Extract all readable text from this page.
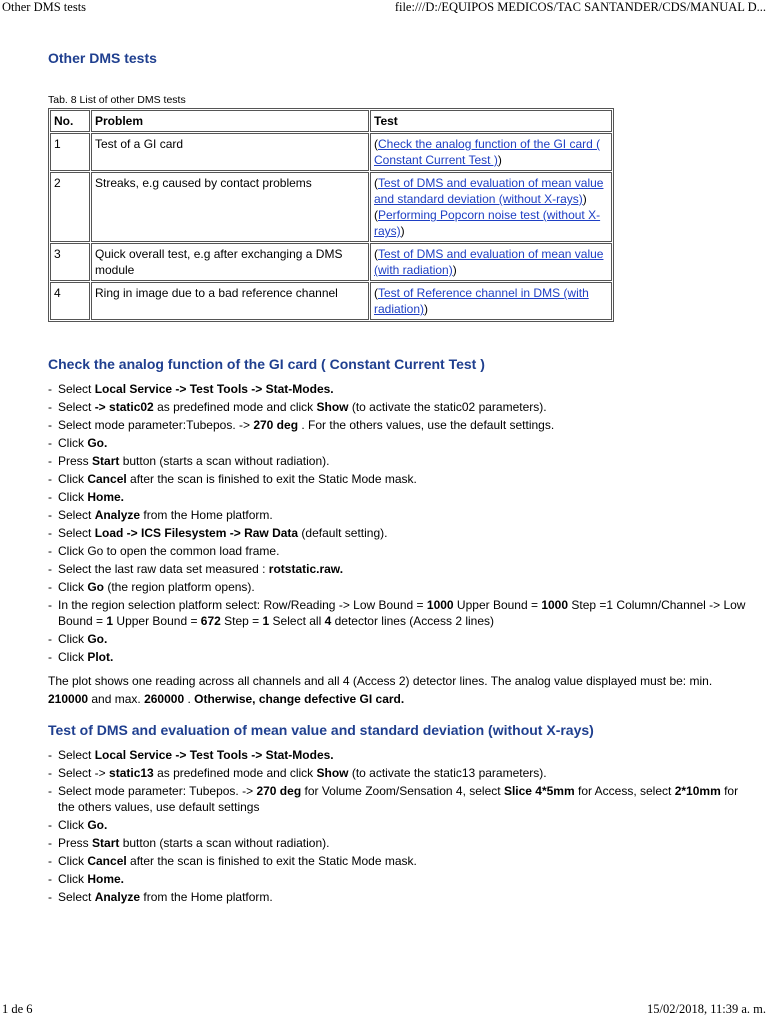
Other DMS tests	file:///D:/EQUIPOS MEDICOS/TAC SANTANDER/CDS/MANUAL D...
Other DMS tests
Tab. 8 List of other DMS tests
No.	Problem	Test
1	Test of a GI card	(Check the analog function of the GI card ( Constant Current Test ))
2	Streaks, e.g caused by contact problems	(Test of DMS and evaluation of mean value and standard deviation (without X-rays))
(Performing Popcorn noise test (without X-rays))
3	Quick overall test, e.g after exchanging a DMS module	(Test of DMS and evaluation of mean value (with radiation))
4	Ring in image due to a bad reference channel	(Test of Reference channel in DMS (with radiation))
Check the analog function of the GI card ( Constant Current Test )
- Select Local Service -> Test Tools -> Stat-Modes.
- Select -> static02 as predefined mode and click Show (to activate the static02 parameters).
- Select mode parameter:Tubepos. -> 270 deg . For the others values, use the default settings.
- Click Go.
- Press Start button (starts a scan without radiation).
- Click Cancel after the scan is finished to exit the Static Mode mask.
- Click Home.
- Select Analyze from the Home platform.
- Select Load -> ICS Filesystem -> Raw Data (default setting).
- Click Go to open the common load frame.
- Select the last raw data set measured : rotstatic.raw.
- Click Go (the region platform opens).
- In the region selection platform select: Row/Reading -> Low Bound = 1000 Upper Bound = 1000 Step =1 Column/Channel -> Low Bound = 1 Upper Bound = 672 Step = 1 Select all 4 detector lines (Access 2 lines)
- Click Go.
- Click Plot.

The plot shows one reading across all channels and all 4 (Access 2) detector lines. The analog value displayed must be: min. 210000 and max. 260000 . Otherwise, change defective GI card.

Test of DMS and evaluation of mean value and standard deviation (without X-rays)
- Select Local Service -> Test Tools -> Stat-Modes.
- Select -> static13 as predefined mode and click Show (to activate the static13 parameters).
- Select mode parameter: Tubepos. -> 270 deg for Volume Zoom/Sensation 4, select Slice 4*5mm for Access, select 2*10mm for the others values, use default settings
- Click Go.
- Press Start button (starts a scan without radiation).
- Click Cancel after the scan is finished to exit the Static Mode mask.
- Click Home.
- Select Analyze from the Home platform.
1 de 6	15/02/2018, 11:39 a. m.
